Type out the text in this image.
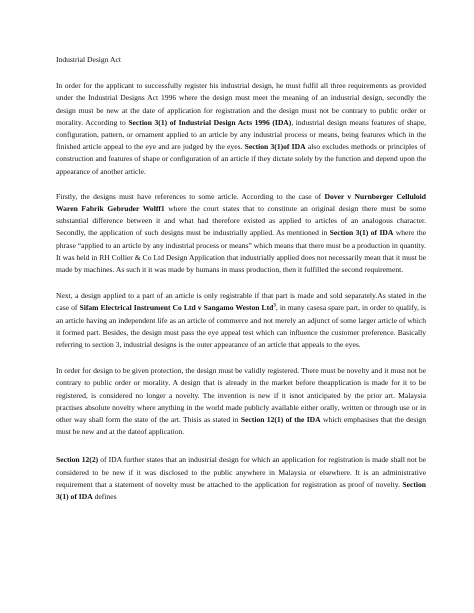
Industrial Design Act

In order for the applicant to successfully register his industrial design, he must fulfil all three requirements as provided under the Industrial Designs Act 1996 where the design must meet the meaning of an industrial design, secondly the design must be new at the date of application for registration and the design must not be contrary to public order or morality. According to Section 3(1) of Industrial Design Acts 1996 (IDA), industrial design means features of shape, configuration, pattern, or ornament applied to an article by any industrial process or means, being features which in the finished article appeal to the eye and are judged by the eyes. Section 3(1)of IDA also excludes methods or principles of construction and features of shape or configuration of an article if they dictate solely by the function and depend upon the appearance of another article.

Firstly, the designs must have references to some article. According to the case of Dover v Nurnberger Celluloid Waren Fabrik Gebruder Wolff1 where the court states that to constitute an original design there must be some substantial difference between it and what had therefore existed as applied to articles of an analogous character. Secondly, the application of such designs must be industrially applied. As mentioned in Section 3(1) of IDA where the phrase “applied to an article by any industrial process or means” which means that there must be a production in quantity. It was held in RH Collier & Co Ltd Design Application that industrially applied does not necessarily mean that it must be made by machines. As such it it was made by humans in mass production, then it fulfilled the second requirement.

Next, a design applied to a part of an article is only registrable if that part is made and sold separately.As stated in the case of Sifam Electrical Instrument Co Ltd v Sangamo Weston Ltd$^3$, in many casesa spare part, in order to qualify, is an article having an independent life as an article of commerce and not merely an adjunct of some larger article of which it formed part. Besides, the design must pass the eye appeal test which can influence the customer preference. Basically referring to section 3, industrial designs is the outer appearance of an article that appeals to the eyes.

In order for design to be given protection, the design must be validly registered. There must be novelty and it must not be contrary to public order or morality. A design that is already in the market before theapplication is made for it to be registered, is considered no longer a novelty. The invention is new if it isnot anticipated by the prior art. Malaysia practises absolute novelty where anything in the world made publicly available either orally, written or through use or in other way shall form the state of the art. Thisis as stated in Section 12(1) of the IDA which emphasises that the design must be new and at the dateof application.

Section 12(2) of IDA further states that an industrial design for which an application for registration is made shall not be considered to be new if it was disclosed to the public anywhere in Malaysia or elsewhere. It is an administrative requirement that a statement of novelty must be attached to the application for registration as proof of novelty. Section 3(1) of IDA defines
